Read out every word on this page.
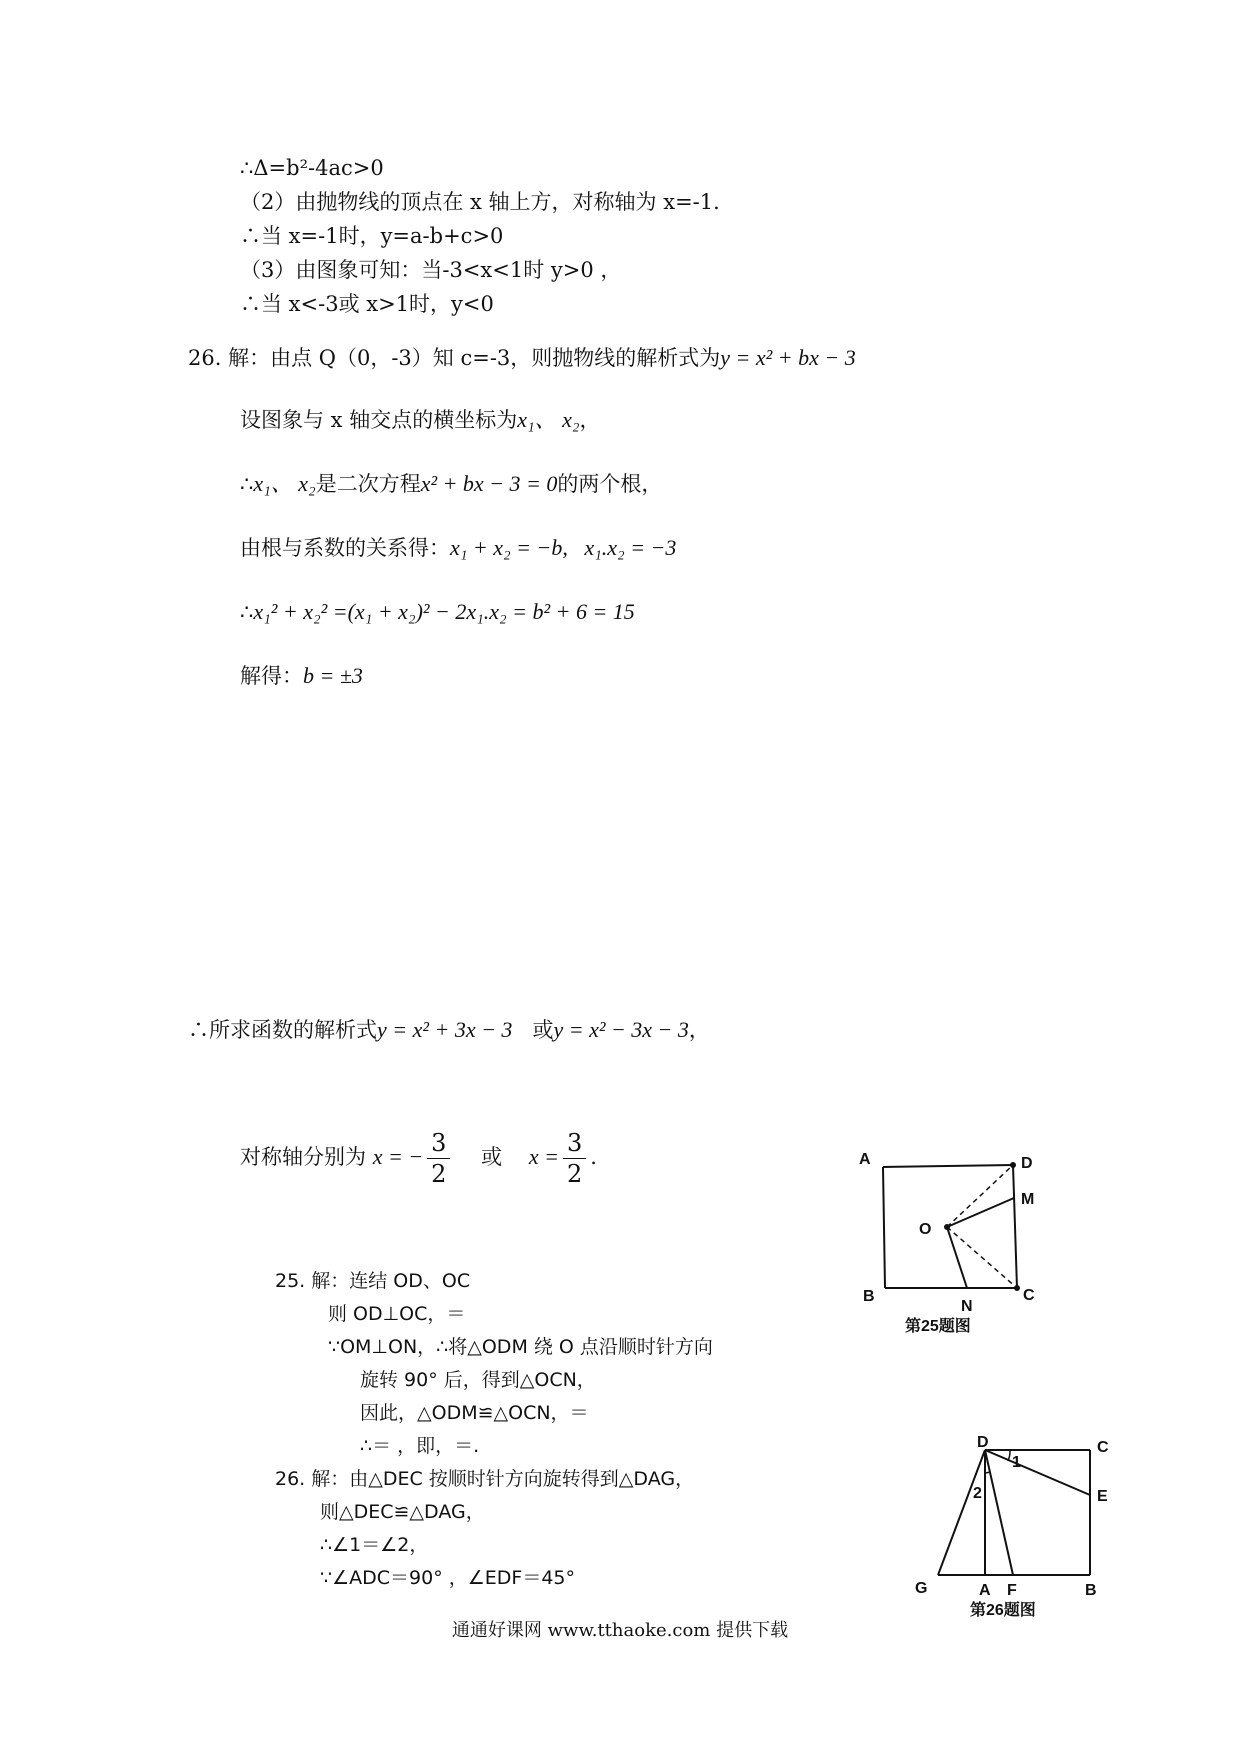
∴Δ=b²-4ac>0
（2）由抛物线的顶点在 x 轴上方，对称轴为 x=-1.
∴当 x=-1时，y=a-b+c>0
（3）由图象可知：当-3<x<1时 y>0 ，
∴当 x<-3或 x>1时，y<0
26. 解：由点 Q（0，-3）知 c=-3，则抛物线的解析式为y = x² + bx − 3
设图象与 x 轴交点的横坐标为x₁、 x₂，
∴x₁、 x₂是二次方程x² + bx − 3 = 0的两个根，
由根与系数的关系得：x₁ + x₂ = −b,   x₁.x₂ = −3
∴x₁² + x₂² =(x₁ + x₂)² − 2x₁.x₂ = b² + 6 = 15
解得：b = ±3
∴所求函数的解析式y = x² + 3x − 3 或y = x² − 3x − 3，
对称轴分别为 x = − $\frac{3}{2}$ 或 $x = \frac{3}{2}$ .
25. 解：连结 OD、OC
则 OD⊥OC，＝
∵OM⊥ON，∴将△ODM 绕 O 点沿顺时针方向
旋转 90° 后，得到△OCN，
因此，△ODM≌△OCN，＝
∴＝ ，即，＝.
26. 解：由△DEC 按顺时针方向旋转得到△DAG，
则△DEC≌△DAG，
∴∠1＝∠2，
∵∠ADC＝90° ，∠EDF＝45°
A	D
M
O
B
N
C
第25题图
D	C
E
G	A F	B
1
2
第26题图
通通好课网 www.tthaoke.com 提供下载
